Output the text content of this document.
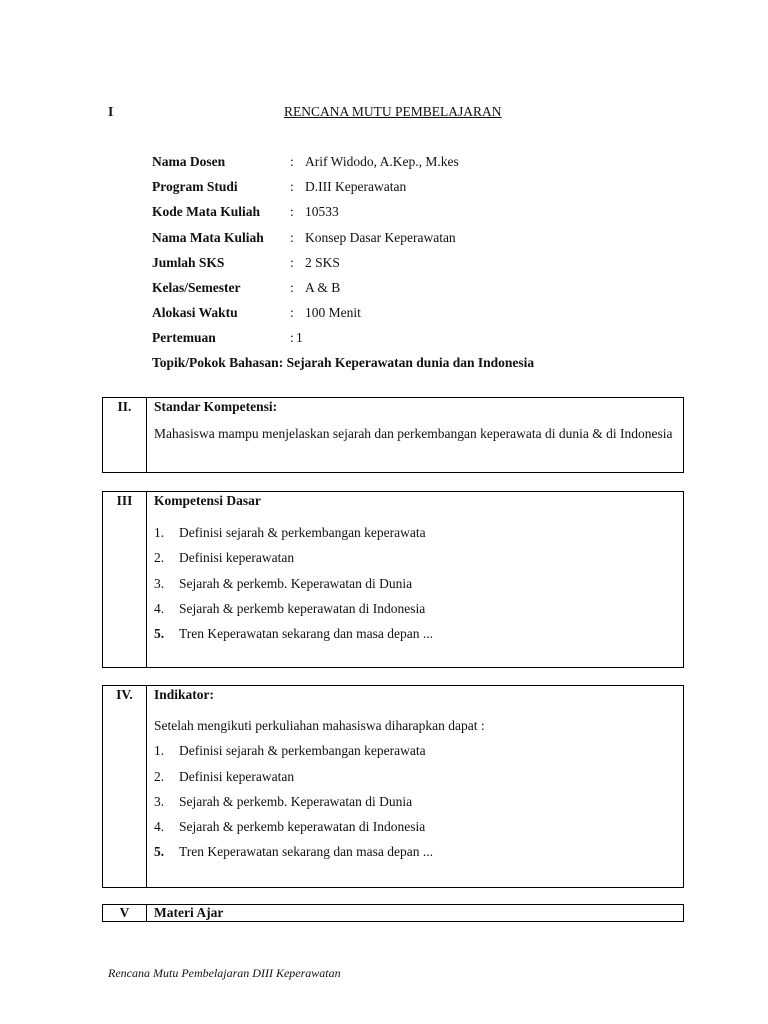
I	RENCANA MUTU PEMBELAJARAN
Nama Dosen	: Arif Widodo, A.Kep., M.kes
Program Studi	: D.III Keperawatan
Kode Mata Kuliah : 10533
Nama Mata Kuliah : Konsep Dasar Keperawatan
Jumlah SKS	: 2 SKS
Kelas/Semester	: A & B
Alokasi Waktu	: 100 Menit
Pertemuan	: 1
Topik/Pokok Bahasan: Sejarah Keperawatan dunia dan Indonesia
II.	Standar Kompetensi:
Mahasiswa mampu menjelaskan sejarah dan perkembangan keperawata di dunia & di Indonesia
III	Kompetensi Dasar
1. Definisi sejarah & perkembangan keperawata
2. Definisi keperawatan
3. Sejarah & perkemb. Keperawatan di Dunia
4. Sejarah & perkemb keperawatan di Indonesia
5. Tren Keperawatan sekarang dan masa depan ...
IV.	Indikator:
Setelah mengikuti perkuliahan mahasiswa diharapkan dapat :
1. Definisi sejarah & perkembangan keperawata
2. Definisi keperawatan
3. Sejarah & perkemb. Keperawatan di Dunia
4. Sejarah & perkemb keperawatan di Indonesia
5. Tren Keperawatan sekarang dan masa depan ...
V	Materi Ajar
Rencana Mutu Pembelajaran DIII Keperawatan
